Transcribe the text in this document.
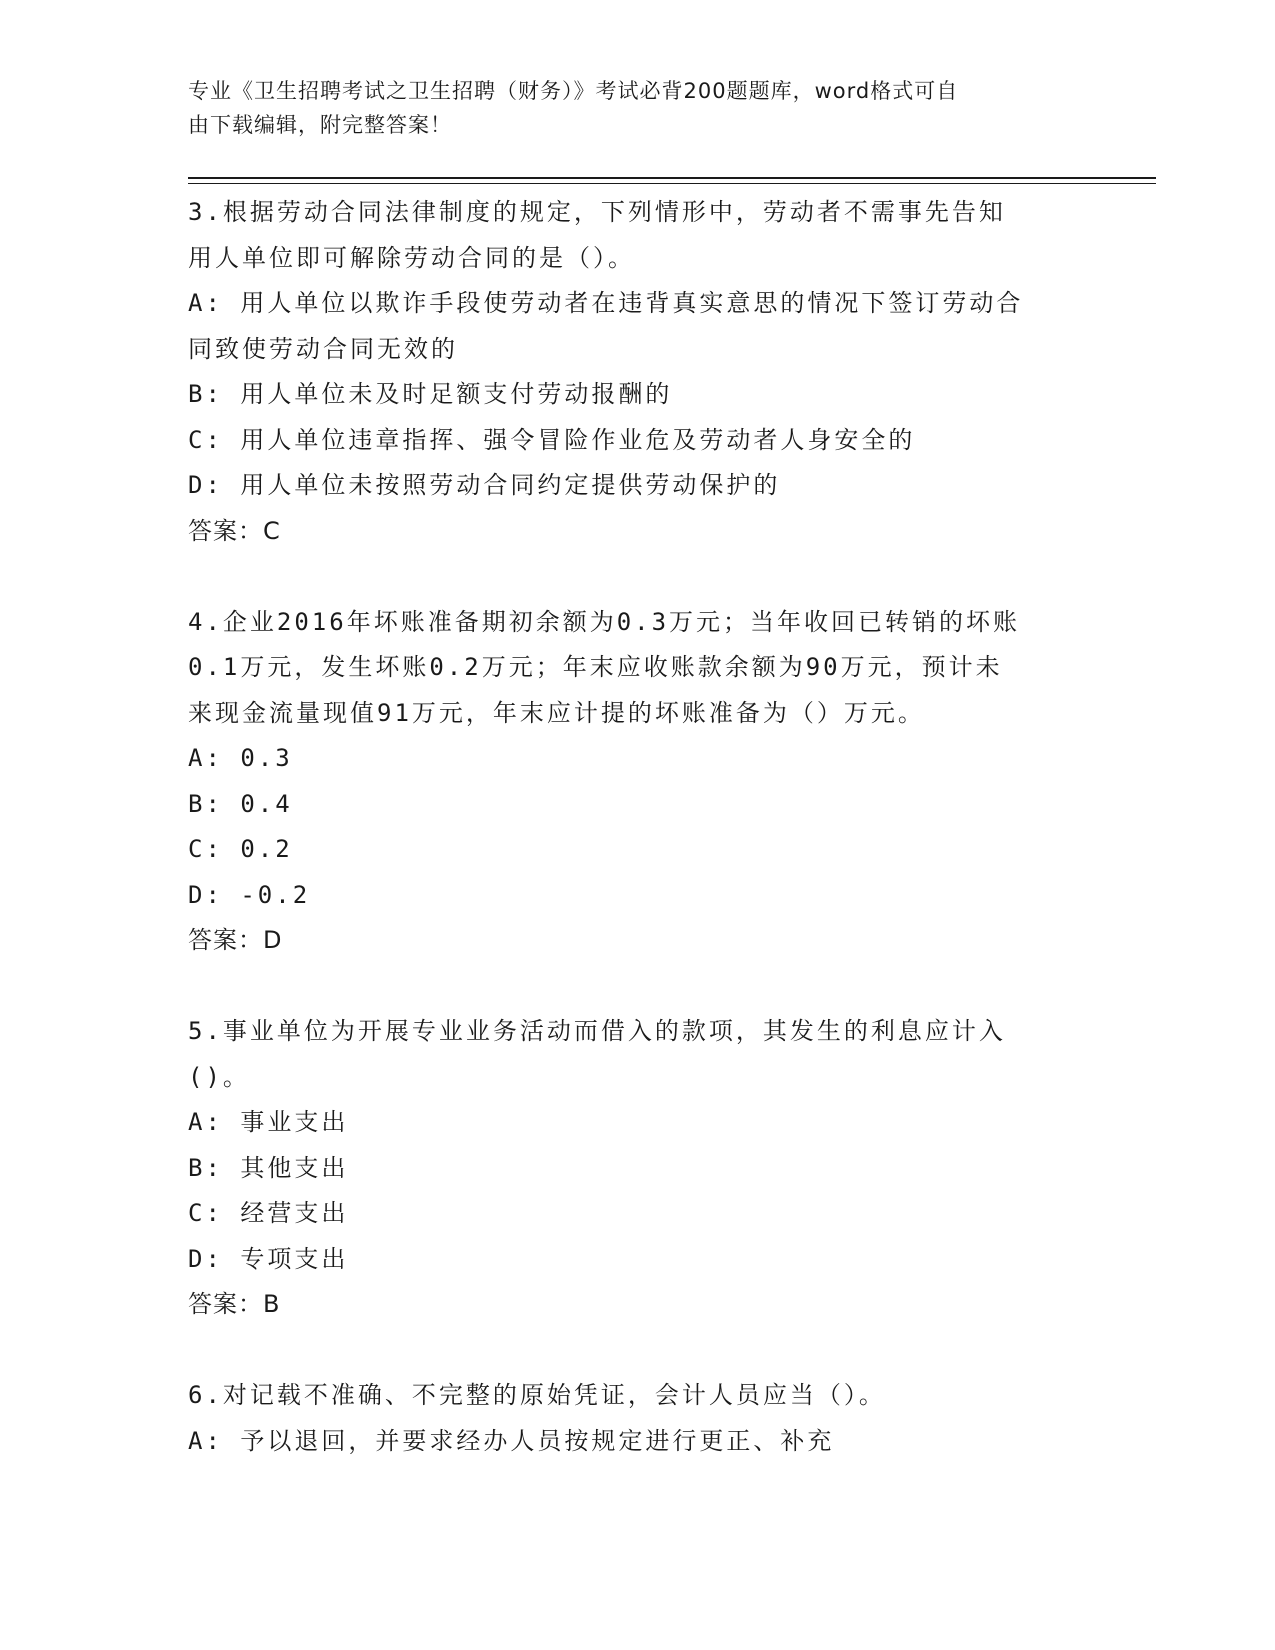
专业《卫生招聘考试之卫生招聘（财务）》考试必背200题题库，word格式可自
由下载编辑，附完整答案！
3.根据劳动合同法律制度的规定，下列情形中，劳动者不需事先告知
用人单位即可解除劳动合同的是（）。
A: 用人单位以欺诈手段使劳动者在违背真实意思的情况下签订劳动合
同致使劳动合同无效的
B: 用人单位未及时足额支付劳动报酬的
C: 用人单位违章指挥、强令冒险作业危及劳动者人身安全的
D: 用人单位未按照劳动合同约定提供劳动保护的
答案：C
4.企业2016年坏账准备期初余额为0.3万元；当年收回已转销的坏账
0.1万元，发生坏账0.2万元；年末应收账款余额为90万元，预计未
来现金流量现值91万元，年末应计提的坏账准备为（）万元。
A: 0.3
B: 0.4
C: 0.2
D: -0.2
答案：D
5.事业单位为开展专业业务活动而借入的款项，其发生的利息应计入
()。
A: 事业支出
B: 其他支出
C: 经营支出
D: 专项支出
答案：B
6.对记载不准确、不完整的原始凭证，会计人员应当（）。
A: 予以退回，并要求经办人员按规定进行更正、补充
